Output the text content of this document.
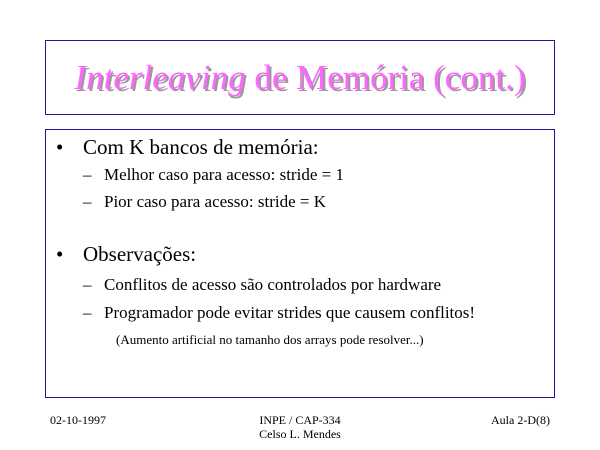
Interleaving de Memória (cont.)
• Com K bancos de memória:
– Melhor caso para acesso: stride = 1
– Pior caso para acesso: stride = K
• Observações:
– Conflitos de acesso são controlados por hardware
– Programador pode evitar strides que causem conflitos!
(Aumento artificial no tamanho dos arrays pode resolver...)
02-10-1997	INPE / CAP-334
Celso L. Mendes
Aula 2-D(8)
